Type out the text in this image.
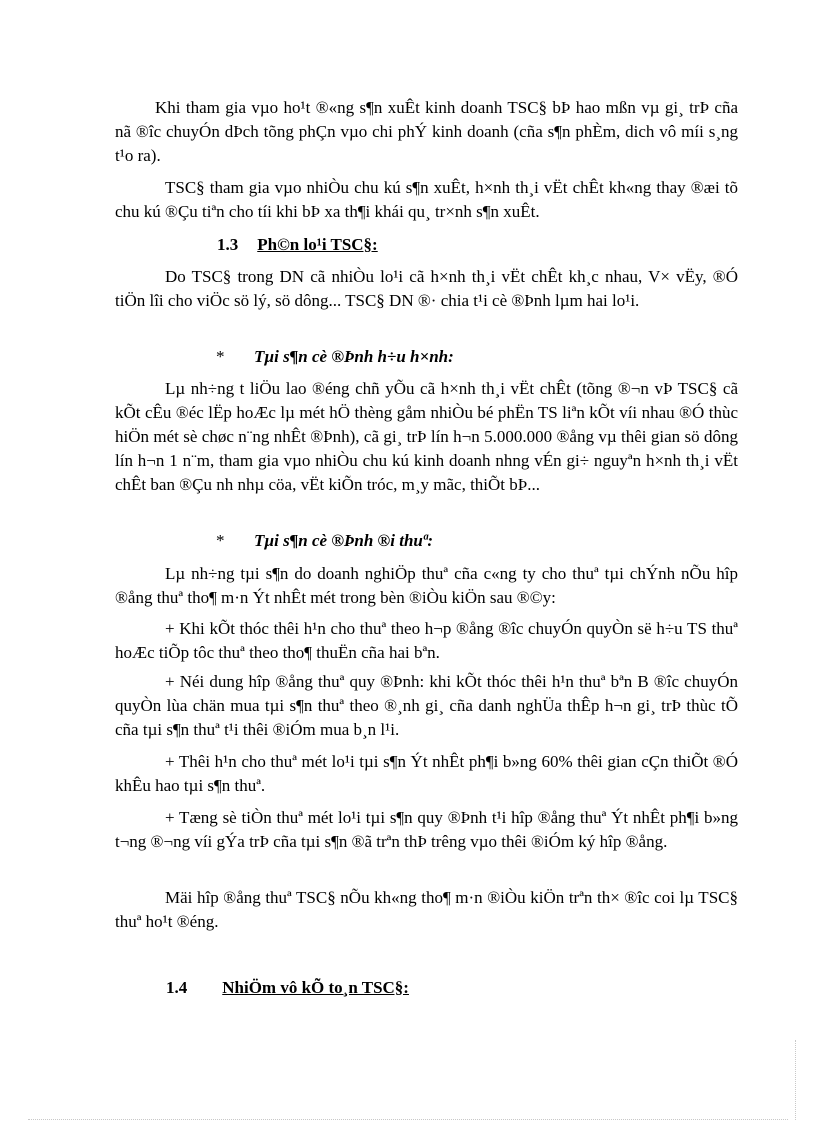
Khi tham gia vµo ho¹t ®«ng s¶n xuÊt kinh doanh TSC§ bÞ hao mßn vµ gi¸ trÞ cña nã ®îc chuyÓn dÞch tõng phÇn vµo chi phÝ kinh doanh (cña s¶n phÈm, dich vô míi s¸ng t¹o ra).

TSC§ tham gia vµo nhiÒu chu kú s¶n xuÊt, h×nh th¸i vËt chÊt kh«ng thay ®æi tõ chu kú ®Çu tiªn cho tíi khi bÞ xa th¶i khái qu¸ tr×nh s¶n xuÊt.

1.3 Ph©n lo¹i TSC§:

Do TSC§ trong DN cã nhiÒu lo¹i cã h×nh th¸i vËt chÊt kh¸c nhau, V× vËy, ®Ó tiÖn lîi cho viÖc sö lý, sö dông... TSC§ DN ®· chia t¹i cè ®Þnh lµm hai lo¹i.

* Tµi s¶n cè ®Þnh h÷u h×nh:

Lµ nh÷ng t liÖu lao ®éng chñ yÕu cã h×nh th¸i vËt chÊt (tõng ®¬n vÞ TSC§ cã kÕt cÊu ®éc lËp hoÆc lµ mét hÖ thèng gåm nhiÒu bé phËn TS liªn kÕt víi nhau ®Ó thùc hiÖn mét sè chøc n¨ng nhÊt ®Þnh), cã gi¸ trÞ lín h¬n 5.000.000 ®ång vµ thêi gian sö dông lín h¬n 1 n¨m, tham gia vµo nhiÒu chu kú kinh doanh nhng vÉn gi÷ nguyªn h×nh th¸i vËt chÊt ban ®Çu nh nhµ cöa, vËt kiÕn tróc, m¸y mãc, thiÕt bÞ...

* Tµi s¶n cè ®Þnh ®i thuª:

Lµ nh÷ng tµi s¶n do doanh nghiÖp thuª cña c«ng ty cho thuª tµi chÝnh nÕu hîp ®ång thuª tho¶ m·n Ýt nhÊt mét trong bèn ®iÒu kiÖn sau ®©y:

+ Khi kÕt thóc thêi h¹n cho thuª theo h¬p ®ång ®îc chuyÓn quyÒn së h÷u TS thuª hoÆc tiÕp tôc thuª theo tho¶ thuËn cña hai bªn.

+ Néi dung hîp ®ång thuª quy ®Þnh: khi kÕt thóc thêi h¹n thuª bªn B ®îc chuyÓn quyÒn lùa chän mua tµi s¶n thuª theo ®¸nh gi¸ cña danh nghÜa thÊp h¬n gi¸ trÞ thùc tÕ cña tµi s¶n thuª t¹i thêi ®iÓm mua b¸n l¹i.

+ Thêi h¹n cho thuª mét lo¹i tµi s¶n Ýt nhÊt ph¶i b»ng 60% thêi gian cÇn thiÕt ®Ó khÊu hao tµi s¶n thuª.

+ Tæng sè tiÒn thuª mét lo¹i tµi s¶n quy ®Þnh t¹i hîp ®ång thuª Ýt nhÊt ph¶i b»ng t¬ng ®¬ng víi gÝa trÞ cña tµi s¶n ®ã trªn thÞ trêng vµo thêi ®iÓm ký hîp ®ång.

Mäi hîp ®ång thuª TSC§ nÕu kh«ng tho¶ m·n ®iÒu kiÖn trªn th× ®îc coi lµ TSC§ thuª ho¹t ®éng.

1.4 NhiÖm vô kÕ to¸n TSC§:
